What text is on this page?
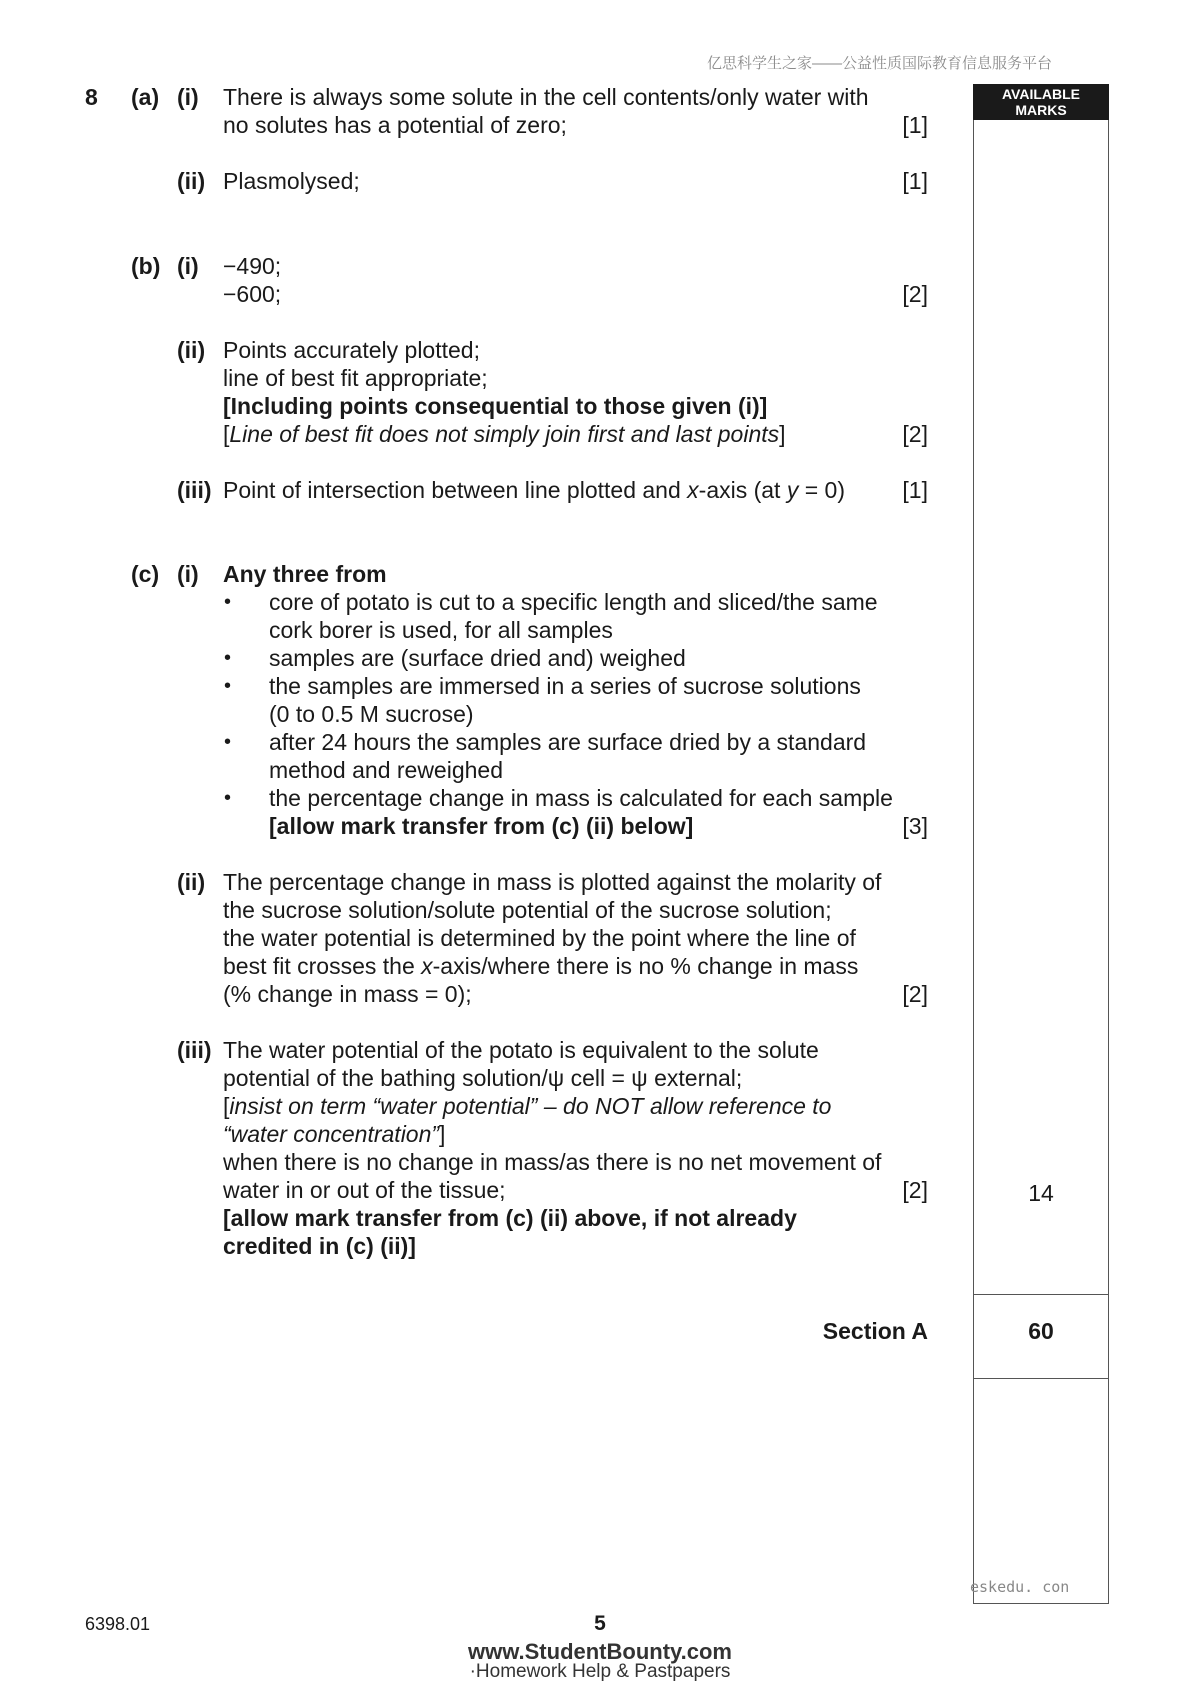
亿思科学生之家——公益性质国际教育信息服务平台
AVAILABLE
MARKS
8 (a) (i) There is always some solute in the cell contents/only water with
no solutes has a potential of zero;	[1]
(ii) Plasmolysed;	[1]
(b) (i) −490;
−600;	[2]
(ii) Points accurately plotted;
line of best fit appropriate;
[Including points consequential to those given (i)]
[Line of best fit does not simply join first and last points]	[2]
(iii) Point of intersection between line plotted and x-axis (at y = 0)	[1]
(c) (i) Any three from
• core of potato is cut to a specific length and sliced/the same
cork borer is used, for all samples
• samples are (surface dried and) weighed
• the samples are immersed in a series of sucrose solutions
(0 to 0.5 M sucrose)
• after 24 hours the samples are surface dried by a standard
method and reweighed
• the percentage change in mass is calculated for each sample
[allow mark transfer from (c) (ii) below]	[3]
(ii) The percentage change in mass is plotted against the molarity of
the sucrose solution/solute potential of the sucrose solution;
the water potential is determined by the point where the line of
best fit crosses the x-axis/where there is no % change in mass
(% change in mass = 0);	[2]
(iii) The water potential of the potato is equivalent to the solute
potential of the bathing solution/ψ cell = ψ external;
[insist on term “water potential” – do NOT allow reference to
“water concentration”]
when there is no change in mass/as there is no net movement of
water in or out of the tissue;	[2]
[allow mark transfer from (c) (ii) above, if not already
credited in (c) (ii)]
14
Section A	60
eskedu. con
6398.01	5
www.StudentBounty.com
·Homework Help & Pastpapers
